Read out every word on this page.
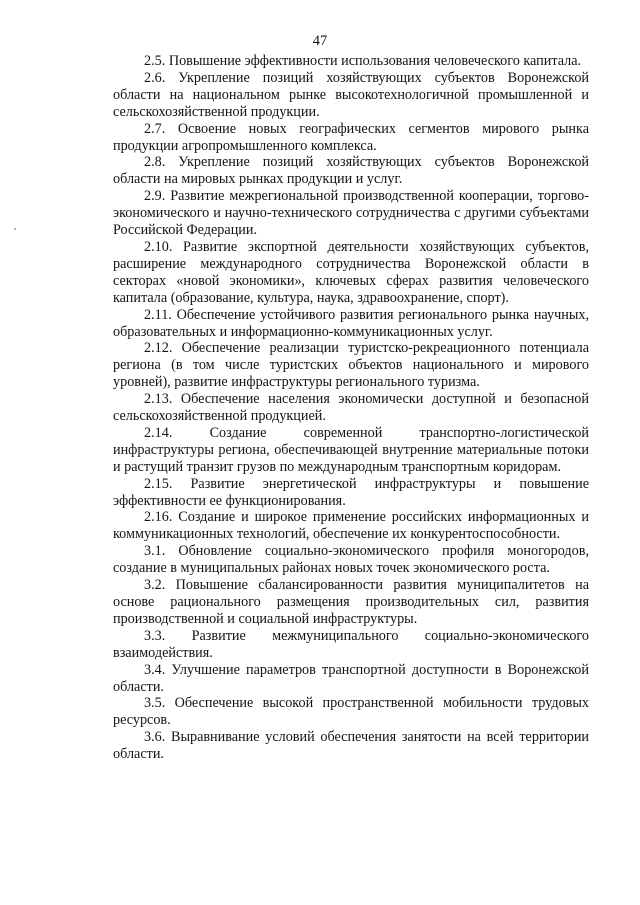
47

2.5. Повышение эффективности использования человеческого капитала.

2.6. Укрепление позиций хозяйствующих субъектов Воронежской области на национальном рынке высокотехнологичной промышленной и сельскохозяйственной продукции.

2.7. Освоение новых географических сегментов мирового рынка продукции агропромышленного комплекса.

2.8. Укрепление позиций хозяйствующих субъектов Воронежской области на мировых рынках продукции и услуг.

2.9. Развитие межрегиональной производственной кооперации, торгово-экономического и научно-технического сотрудничества с другими субъектами Российской Федерации.

2.10. Развитие экспортной деятельности хозяйствующих субъектов, расширение международного сотрудничества Воронежской области в секторах «новой экономики», ключевых сферах развития человеческого капитала (образование, культура, наука, здравоохранение, спорт).

2.11. Обеспечение устойчивого развития регионального рынка научных, образовательных и информационно-коммуникационных услуг.

2.12. Обеспечение реализации туристско-рекреационного потенциала региона (в том числе туристских объектов национального и мирового уровней), развитие инфраструктуры регионального туризма.

2.13. Обеспечение населения экономически доступной и безопасной сельскохозяйственной продукцией.

2.14. Создание современной транспортно-логистической инфраструктуры региона, обеспечивающей внутренние материальные потоки и растущий транзит грузов по международным транспортным коридорам.

2.15. Развитие энергетической инфраструктуры и повышение эффективности ее функционирования.

2.16. Создание и широкое применение российских информационных и коммуникационных технологий, обеспечение их конкурентоспособности.

3.1. Обновление социально-экономического профиля моногородов, создание в муниципальных районах новых точек экономического роста.

3.2. Повышение сбалансированности развития муниципалитетов на основе рационального размещения производительных сил, развития производственной и социальной инфраструктуры.

3.3. Развитие межмуниципального социально-экономического взаимодействия.

3.4. Улучшение параметров транспортной доступности в Воронежской области.

3.5. Обеспечение высокой пространственной мобильности трудовых ресурсов.

3.6. Выравнивание условий обеспечения занятости на всей территории области.
